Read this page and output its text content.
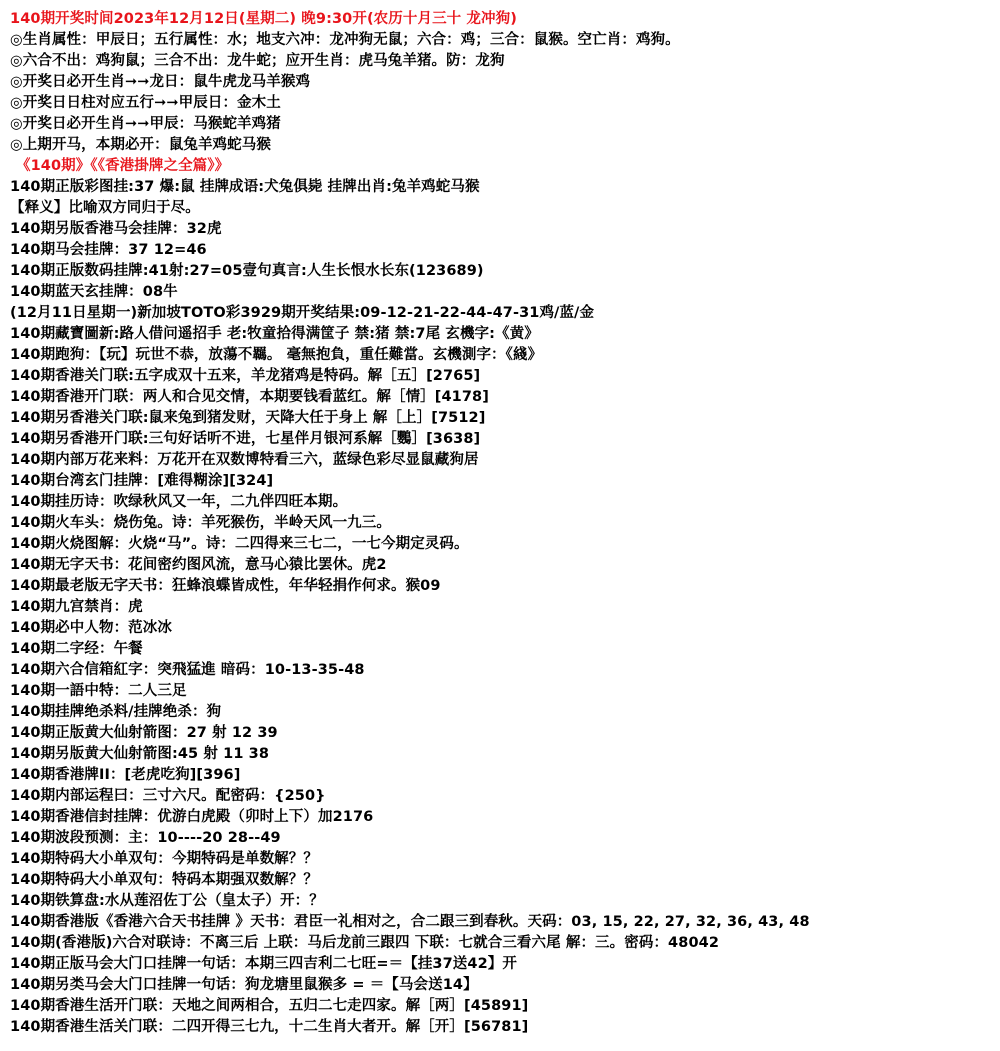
140期开奖时间2023年12月12日(星期二) 晚9:30开(农历十月三十 龙冲狗)
◎生肖属性：甲辰日；五行属性：水；地支六冲：龙冲狗无鼠；六合：鸡；三合：鼠猴。空亡肖：鸡狗。
◎六合不出：鸡狗鼠；三合不出：龙牛蛇；应开生肖：虎马兔羊猪。防：龙狗
◎开奖日必开生肖➞➞龙日：鼠牛虎龙马羊猴鸡
◎开奖日日柱对应五行➞➞甲辰日：金木土
◎开奖日必开生肖➞➞甲辰：马猴蛇羊鸡猪
◎上期开马，本期必开：鼠兔羊鸡蛇马猴
《140期》《《香港掛牌之全篇》》
140期正版彩图挂:37 爆:鼠 挂牌成语:犬兔俱毙 挂牌出肖:兔羊鸡蛇马猴
【释义】比喻双方同归于尽。
140期另版香港马会挂牌：32虎
140期马会挂牌：37 12=46
140期正版数码挂牌:41射:27=05壹句真言:人生长恨水长东(123689)
140期蓝天玄挂牌：08牛
(12月11日星期一)新加坡TOTO彩3929期开奖结果:09-12-21-22-44-47-31鸡/蓝/金
140期藏寶圖新:路人借问遥招手 老:牧童拾得满筐子 禁:猪 禁:7尾 玄機字:《黄》
140期跑狗：【玩】玩世不恭，放蕩不羈。 毫無抱負，重任難當。玄機測字：《綫》
140期香港关门联:五字成双十五来，羊龙猪鸡是特码。解［五］[2765]
140期香港开门联：两人和合见交情，本期要钱看蓝红。解［情］[4178]
140期另香港关门联:鼠来兔到猪发财，天降大任于身上 解［上］[7512]
140期另香港开门联:三句好话听不进，七星伴月银河系解［鸚］[3638]
140期内部万花来料：万花开在双数博特看三六，蓝绿色彩尽显鼠藏狗居
140期台湾玄门挂牌：[难得糊涂][324]
140期挂历诗：吹绿秋风又一年，二九伴四旺本期。
140期火车头：烧伤兔。诗：羊死猴伤，半岭天风一九三。
140期火烧图解：火烧“马”。诗：二四得来三七二，一七今期定灵码。
140期无字天书：花间密约图风流，意马心猿比罢休。虎2
140期最老版无字天书：狂蜂浪蝶皆成性，年华轻捐作何求。猴09
140期九宫禁肖：虎
140期必中人物：范冰冰
140期二字经：午餐
140期六合信箱紅字：突飛猛進 暗码：10-13-35-48
140期一語中特：二人三足
140期挂牌绝杀料/挂牌绝杀：狗
140期正版黄大仙射箭图：27 射 12 39
140期另版黄大仙射箭图:45 射 11 38
140期香港牌II：[老虎吃狗][396]
140期内部运程曰：三寸六尺。配密码：{250}
140期香港信封挂牌：优游白虎殿（卯时上下）加2176
140期波段预测：主：10----20 28--49
140期特码大小单双句：今期特码是单数解？？
140期特码大小单双句：特码本期强双数解？？
140期铁算盘:水从莲沼佐丁公（皇太子）开：？
140期香港版《香港六合天书挂牌 》天书：君臣一礼相对之，合二跟三到春秋。天码：03, 15, 22, 27, 32, 36, 43, 48
140期(香港版)六合对联诗：不离三后 上联：马后龙前三跟四 下联：七就合三看六尾 解：三。密码：48042
140期正版马会大门口挂牌一句话：本期三四吉利二七旺=＝【挂37送42】开
140期另类马会大门口挂牌一句话：狗龙塘里鼠猴多 = ＝【马会送14】
140期香港生活开门联：天地之间两相合，五归二七走四家。解［两］[45891]
140期香港生活关门联：二四开得三七九，十二生肖大者开。解［开］[56781]
